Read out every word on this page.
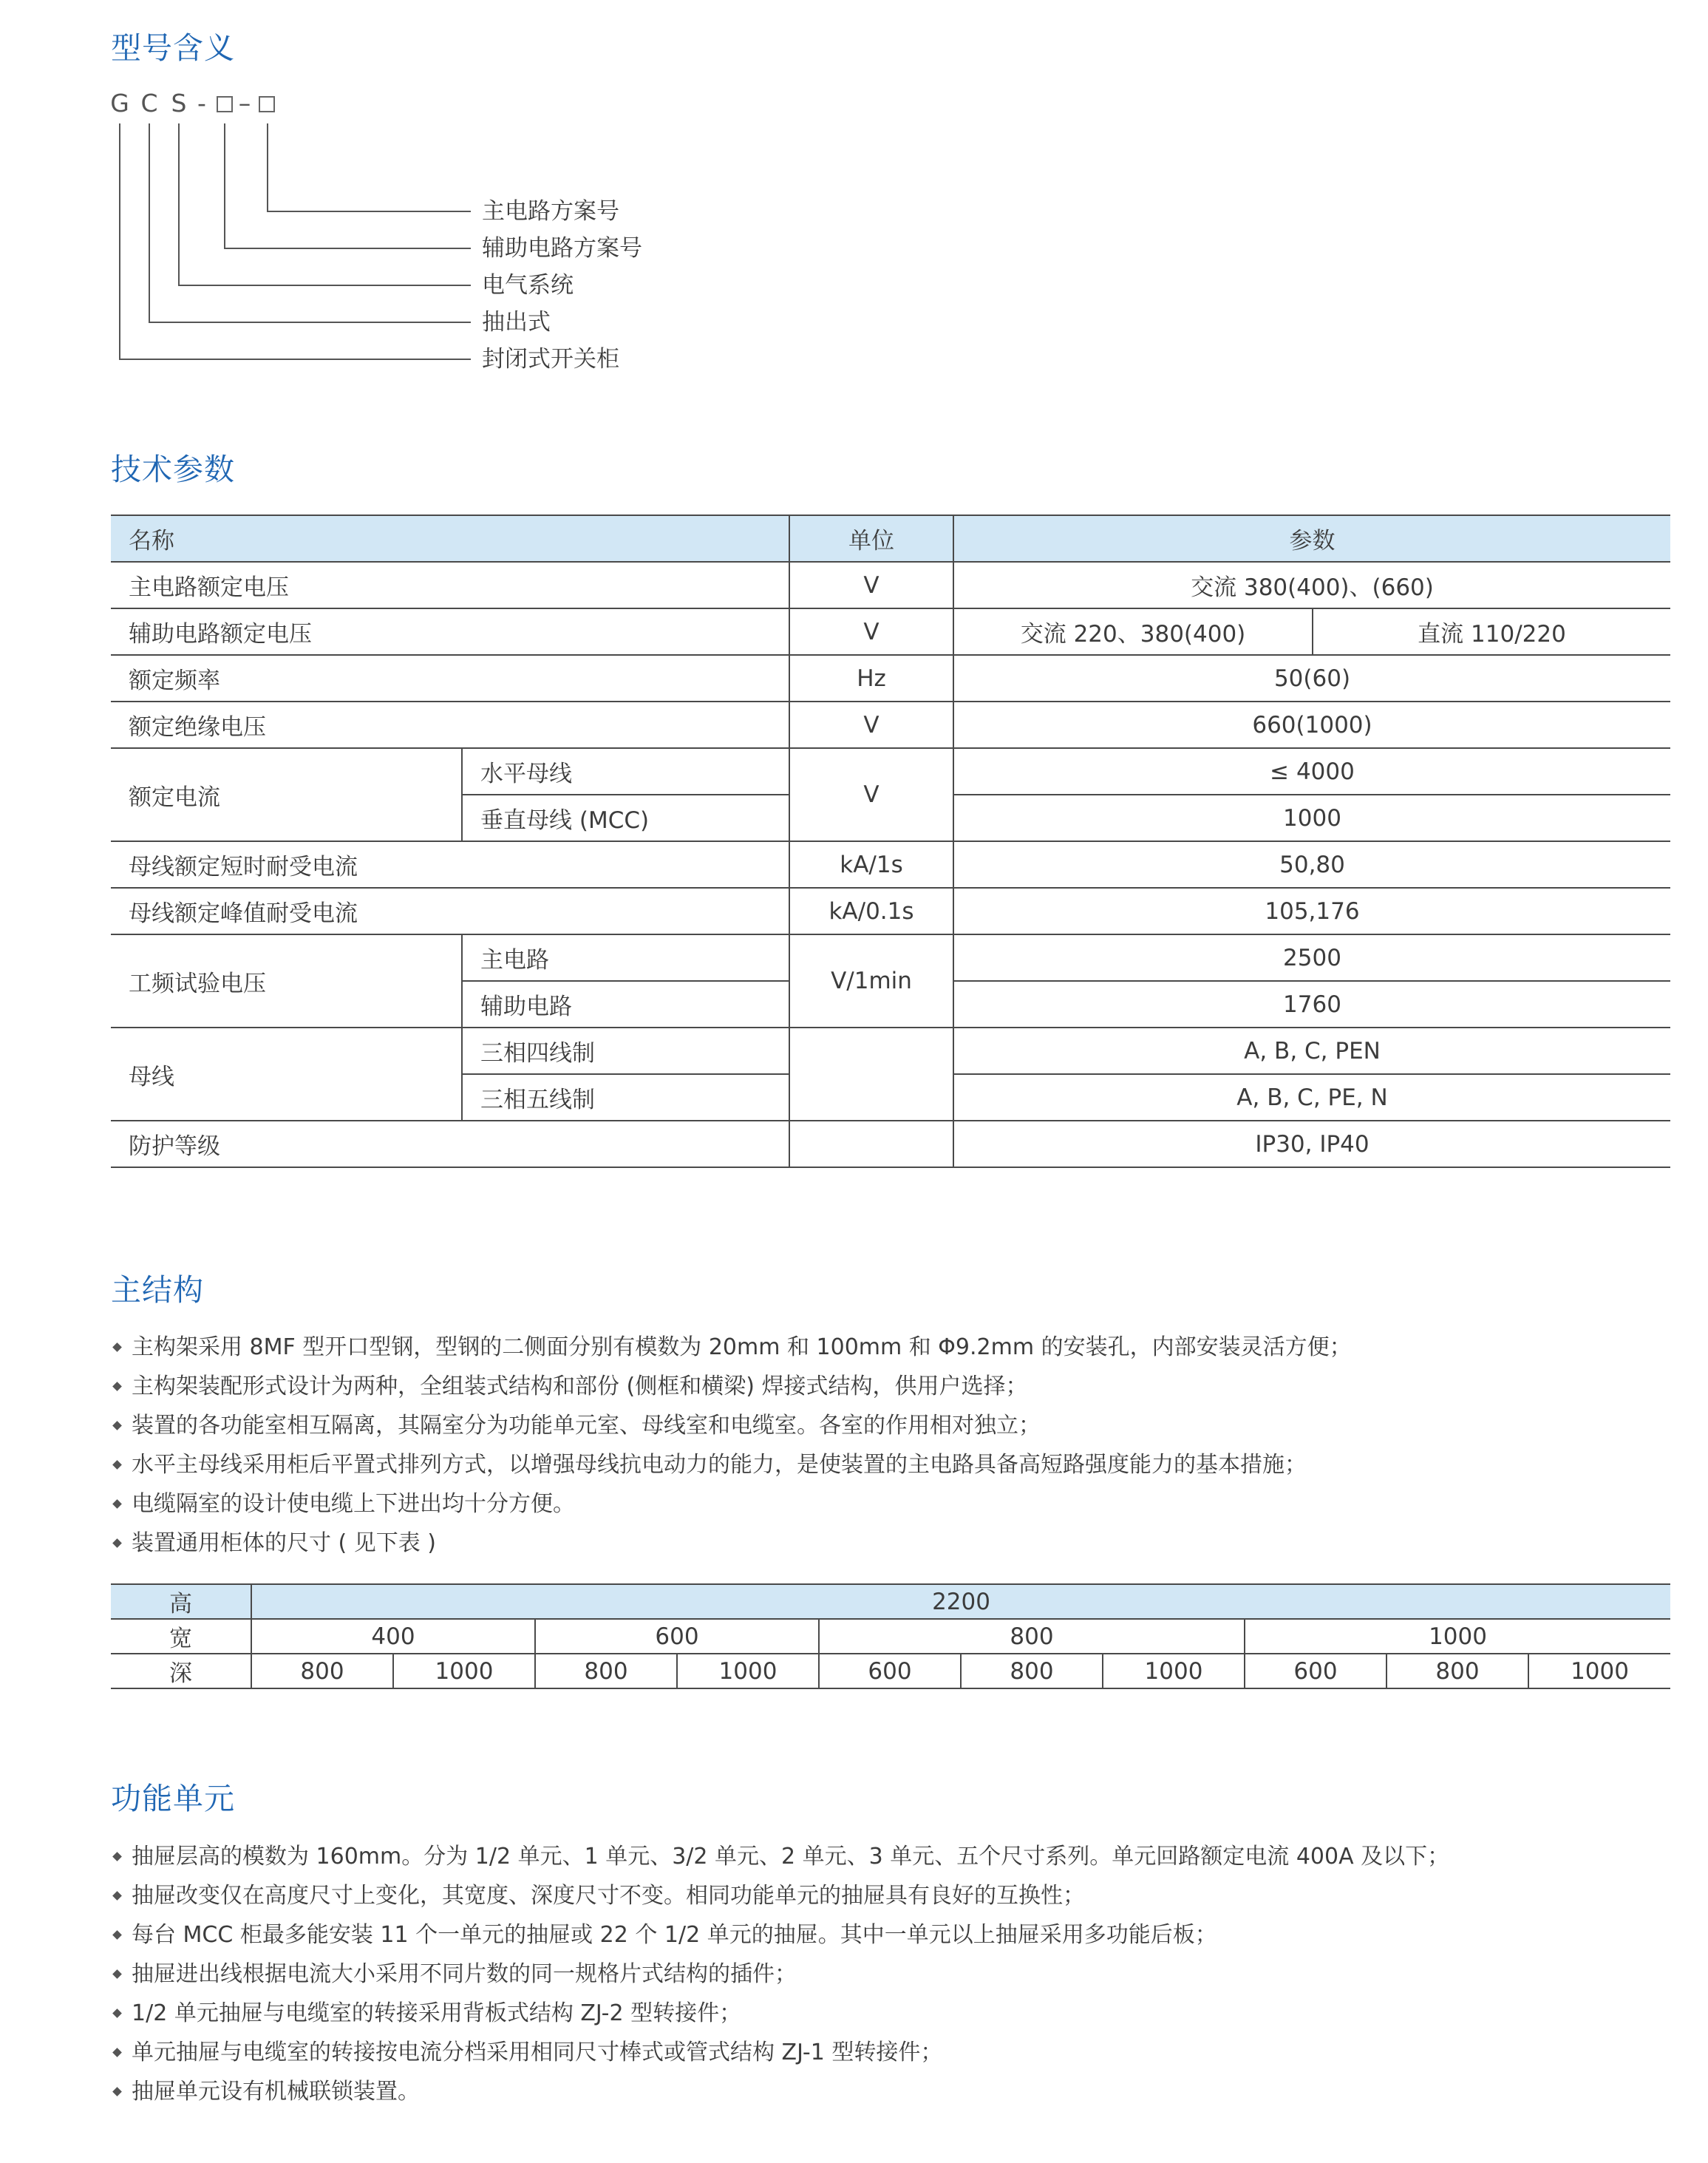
型号含义
G C S - –
主电路方案号
辅助电路方案号
电气系统
抽出式
封闭式开关柜
技术参数
名称		单位	参数	
主电路额定电压		V	交流 380(400)、(660)	
辅助电路额定电压		V	交流 220、380(400)	直流 110/220
额定频率		Hz	50(60)	
额定绝缘电压		V	660(1000)	
额定电流	水平母线	V	≤ 4000	
	垂直母线 (MCC)		1000	
母线额定短时耐受电流		kA/1s	50,80	
母线额定峰值耐受电流		kA/0.1s	105,176	
工频试验电压	主电路	V/1min	2500	
	辅助电路		1760	
母线	三相四线制		A, B, C, PEN	
	三相五线制		A, B, C, PE, N	
防护等级			IP30, IP40	
主结构
主构架采用 8MF 型开口型钢，型钢的二侧面分别有模数为 20mm 和 100mm 和 Φ9.2mm 的安装孔，内部安装灵活方便；
主构架装配形式设计为两种，全组装式结构和部份 (侧框和横梁) 焊接式结构，供用户选择；
装置的各功能室相互隔离，其隔室分为功能单元室、母线室和电缆室。各室的作用相对独立；
水平主母线采用柜后平置式排列方式，以增强母线抗电动力的能力，是使装置的主电路具备高短路强度能力的基本措施；
电缆隔室的设计使电缆上下进出均十分方便。
装置通用柜体的尺寸 ( 见下表 )
高	2200									
宽	400		600		800			1000		
深	800	1000	800	1000	600	800	1000	600	800	1000
功能单元
抽屉层高的模数为 160mm。分为 1/2 单元、1 单元、3/2 单元、2 单元、3 单元、五个尺寸系列。单元回路额定电流 400A 及以下；
抽屉改变仅在高度尺寸上变化，其宽度、深度尺寸不变。相同功能单元的抽屉具有良好的互换性；
每台 MCC 柜最多能安装 11 个一单元的抽屉或 22 个 1/2 单元的抽屉。其中一单元以上抽屉采用多功能后板；
抽屉进出线根据电流大小采用不同片数的同一规格片式结构的插件；
1/2 单元抽屉与电缆室的转接采用背板式结构 ZJ-2 型转接件；
单元抽屉与电缆室的转接按电流分档采用相同尺寸棒式或管式结构 ZJ-1 型转接件；
抽屉单元设有机械联锁装置。
